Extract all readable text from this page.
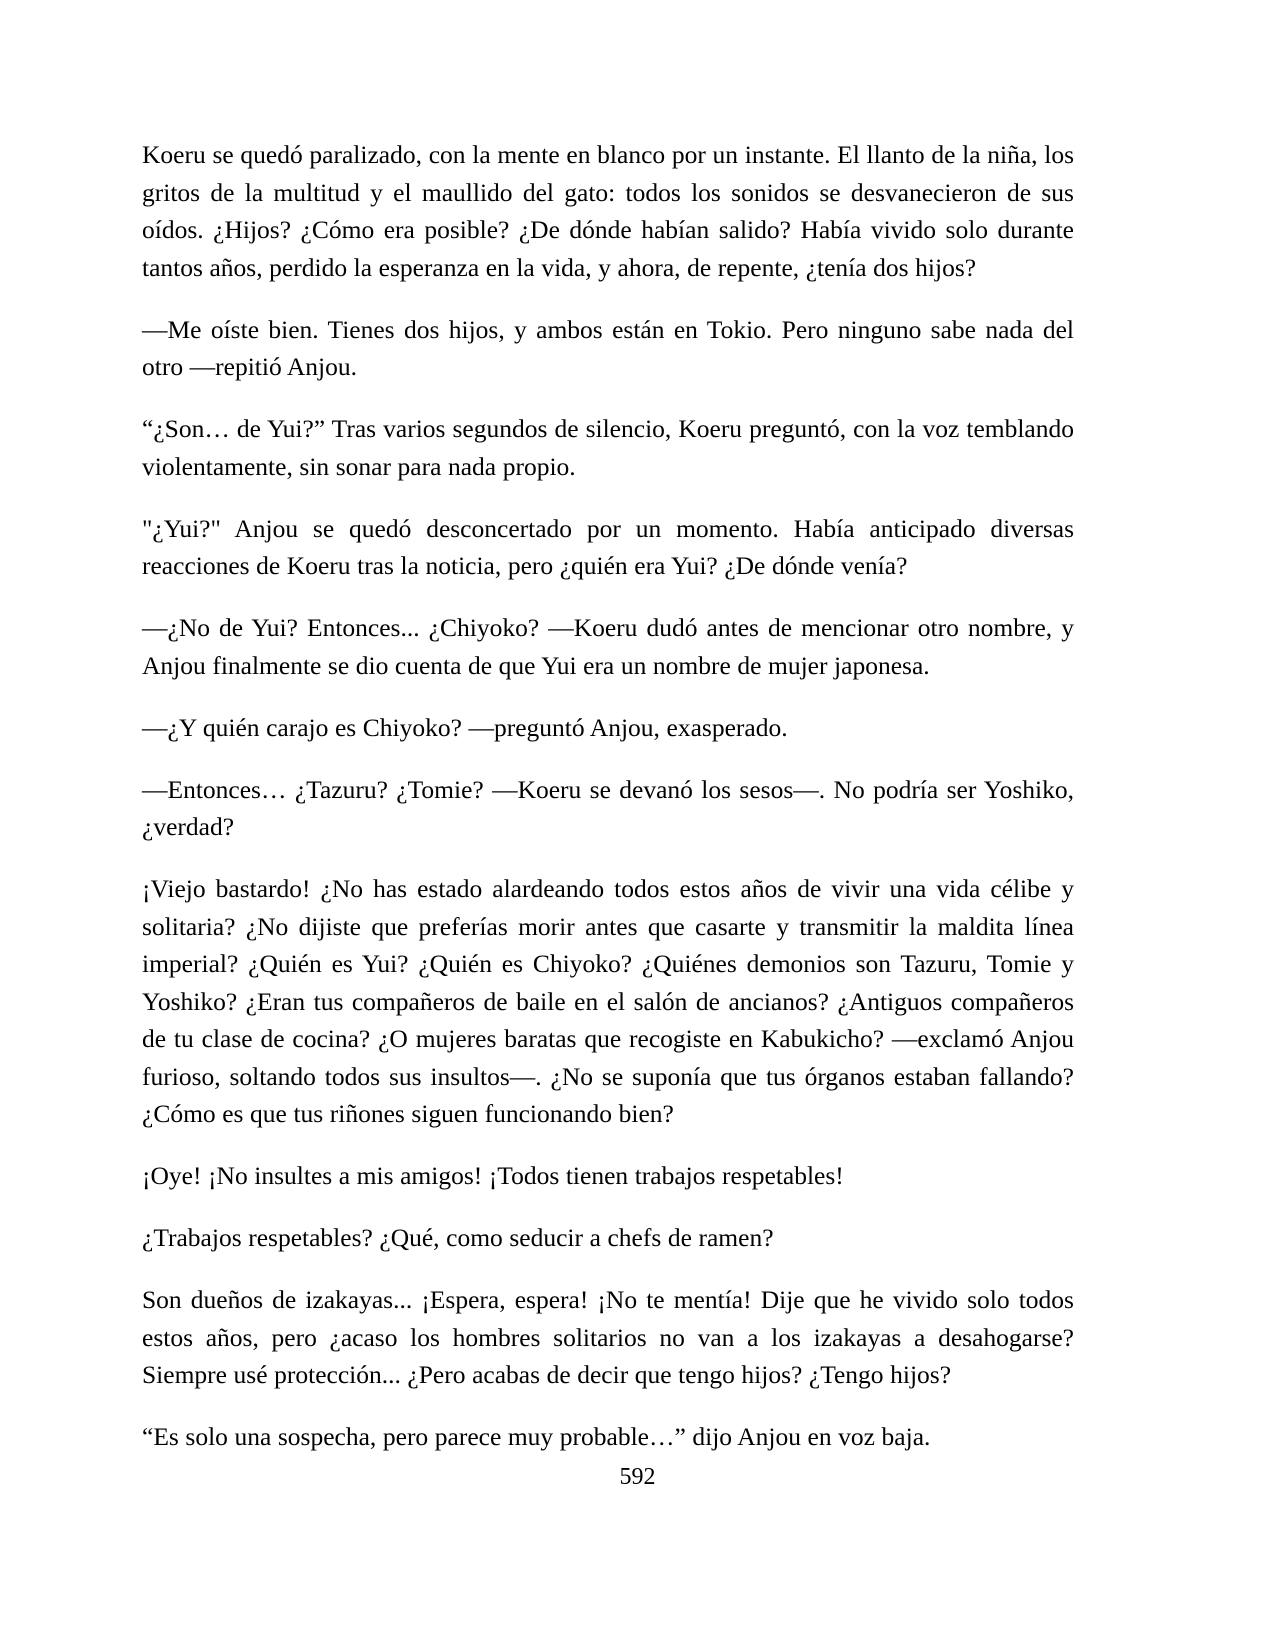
Koeru se quedó paralizado, con la mente en blanco por un instante. El llanto de la niña, los gritos de la multitud y el maullido del gato: todos los sonidos se desvanecieron de sus oídos. ¿Hijos? ¿Cómo era posible? ¿De dónde habían salido? Había vivido solo durante tantos años, perdido la esperanza en la vida, y ahora, de repente, ¿tenía dos hijos?

—Me oíste bien. Tienes dos hijos, y ambos están en Tokio. Pero ninguno sabe nada del otro —repitió Anjou.

“¿Son… de Yui?” Tras varios segundos de silencio, Koeru preguntó, con la voz temblando violentamente, sin sonar para nada propio.

"¿Yui?" Anjou se quedó desconcertado por un momento. Había anticipado diversas reacciones de Koeru tras la noticia, pero ¿quién era Yui? ¿De dónde venía?

—¿No de Yui? Entonces... ¿Chiyoko? —Koeru dudó antes de mencionar otro nombre, y Anjou finalmente se dio cuenta de que Yui era un nombre de mujer japonesa.

—¿Y quién carajo es Chiyoko? —preguntó Anjou, exasperado.

—Entonces… ¿Tazuru? ¿Tomie? —Koeru se devanó los sesos—. No podría ser Yoshiko, ¿verdad?

¡Viejo bastardo! ¿No has estado alardeando todos estos años de vivir una vida célibe y solitaria? ¿No dijiste que preferías morir antes que casarte y transmitir la maldita línea imperial? ¿Quién es Yui? ¿Quién es Chiyoko? ¿Quiénes demonios son Tazuru, Tomie y Yoshiko? ¿Eran tus compañeros de baile en el salón de ancianos? ¿Antiguos compañeros de tu clase de cocina? ¿O mujeres baratas que recogiste en Kabukicho? —exclamó Anjou furioso, soltando todos sus insultos—. ¿No se suponía que tus órganos estaban fallando? ¿Cómo es que tus riñones siguen funcionando bien?

¡Oye! ¡No insultes a mis amigos! ¡Todos tienen trabajos respetables!

¿Trabajos respetables? ¿Qué, como seducir a chefs de ramen?

Son dueños de izakayas... ¡Espera, espera! ¡No te mentía! Dije que he vivido solo todos estos años, pero ¿acaso los hombres solitarios no van a los izakayas a desahogarse? Siempre usé protección... ¿Pero acabas de decir que tengo hijos? ¿Tengo hijos?

“Es solo una sospecha, pero parece muy probable…” dijo Anjou en voz baja.

592
